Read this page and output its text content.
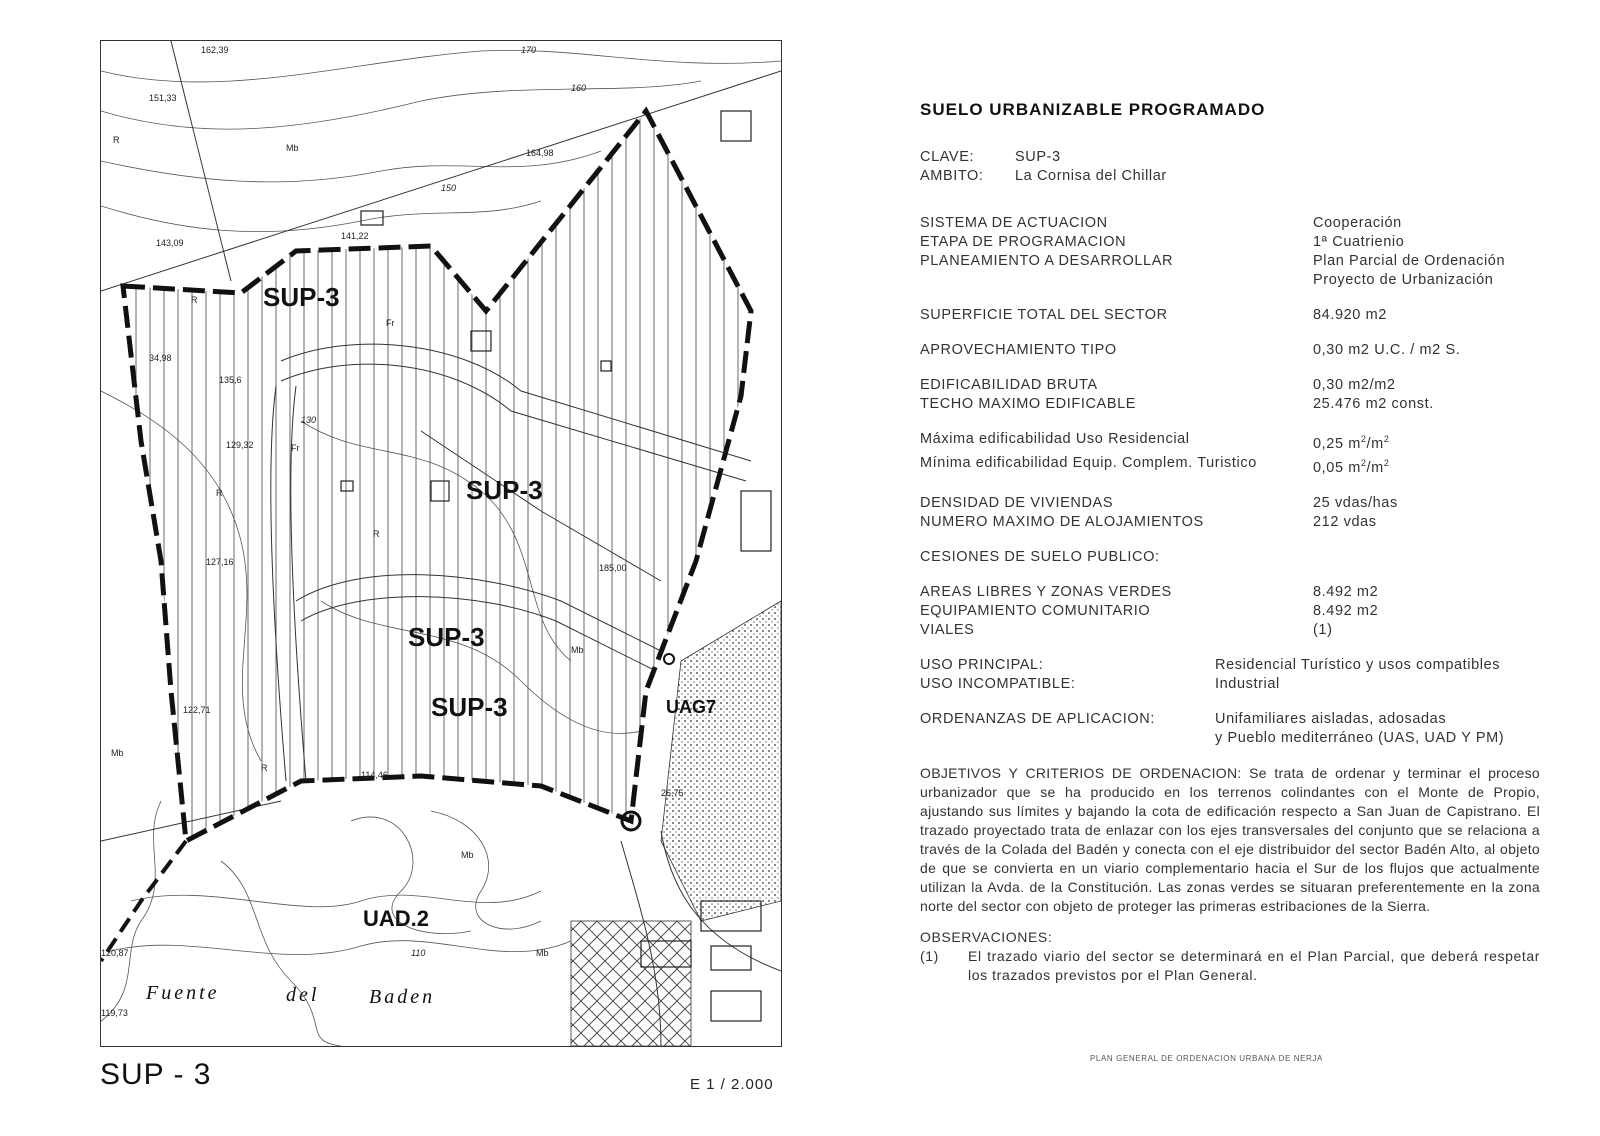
SUP-3
SUP-3
SUP-3
SUP-3
UAD.2
UAG7
Fuente	del Baden
162,39
151,33
143,09
141,22
164,98
135,6
129,32
127,16
114,46
122,71
120,87
119,73
34,98
185,00
25,75
170
160
150
130
110
Mb
R
Fr
Mb
R
Fr
R
R
Mb
Mb
R
Mb
SUP - 3	E 1 / 2.000
SUELO URBANIZABLE PROGRAMADO
CLAVE:	SUP-3
AMBITO:	La Cornisa del Chillar
SISTEMA DE ACTUACION	Cooperación
ETAPA DE PROGRAMACION	1ª Cuatrienio
PLANEAMIENTO A DESARROLLAR	Plan Parcial de Ordenación
Proyecto de Urbanización
SUPERFICIE TOTAL DEL SECTOR	84.920 m2
APROVECHAMIENTO TIPO	0,30 m2 U.C. / m2 S.
EDIFICABILIDAD BRUTA	0,30 m2/m2
TECHO MAXIMO EDIFICABLE	25.476 m2 const.
Máxima edificabilidad Uso Residencial	0,25 $m^2/m^2$
Mínima edificabilidad Equip. Complem. Turistico	0,05 $m^2/m^2$
DENSIDAD DE VIVIENDAS	25 vdas/has
NUMERO MAXIMO DE ALOJAMIENTOS	212 vdas
CESIONES DE SUELO PUBLICO:
AREAS LIBRES Y ZONAS VERDES	8.492 m2
EQUIPAMIENTO COMUNITARIO	8.492 m2
VIALES	(1)
USO PRINCIPAL:	Residencial Turístico y usos compatibles
USO INCOMPATIBLE:	Industrial
ORDENANZAS DE APLICACION:	Unifamiliares aisladas, adosadas
y Pueblo mediterráneo (UAS, UAD Y PM)
OBJETIVOS Y CRITERIOS DE ORDENACION: Se trata de ordenar y terminar el proceso urbanizador que se ha producido en los terrenos colindantes con el Monte de Propio, ajustando sus límites y bajando la cota de edificación respecto a San Juan de Capistrano. El trazado proyectado trata de enlazar con los ejes transversales del conjunto que se relaciona a través de la Colada del Badén y conecta con el eje distribuidor del sector Badén Alto, al objeto de que se convierta en un viario complementario hacia el Sur de los flujos que actualmente utilizan la Avda. de la Constitución. Las zonas verdes se situaran preferentemente en la zona norte del sector con objeto de proteger las primeras estribaciones de la Sierra.
OBSERVACIONES:
(1)	El trazado viario del sector se determinará en el Plan Parcial, que deberá respetar los trazados previstos por el Plan General.
PLAN GENERAL DE ORDENACION URBANA DE NERJA
